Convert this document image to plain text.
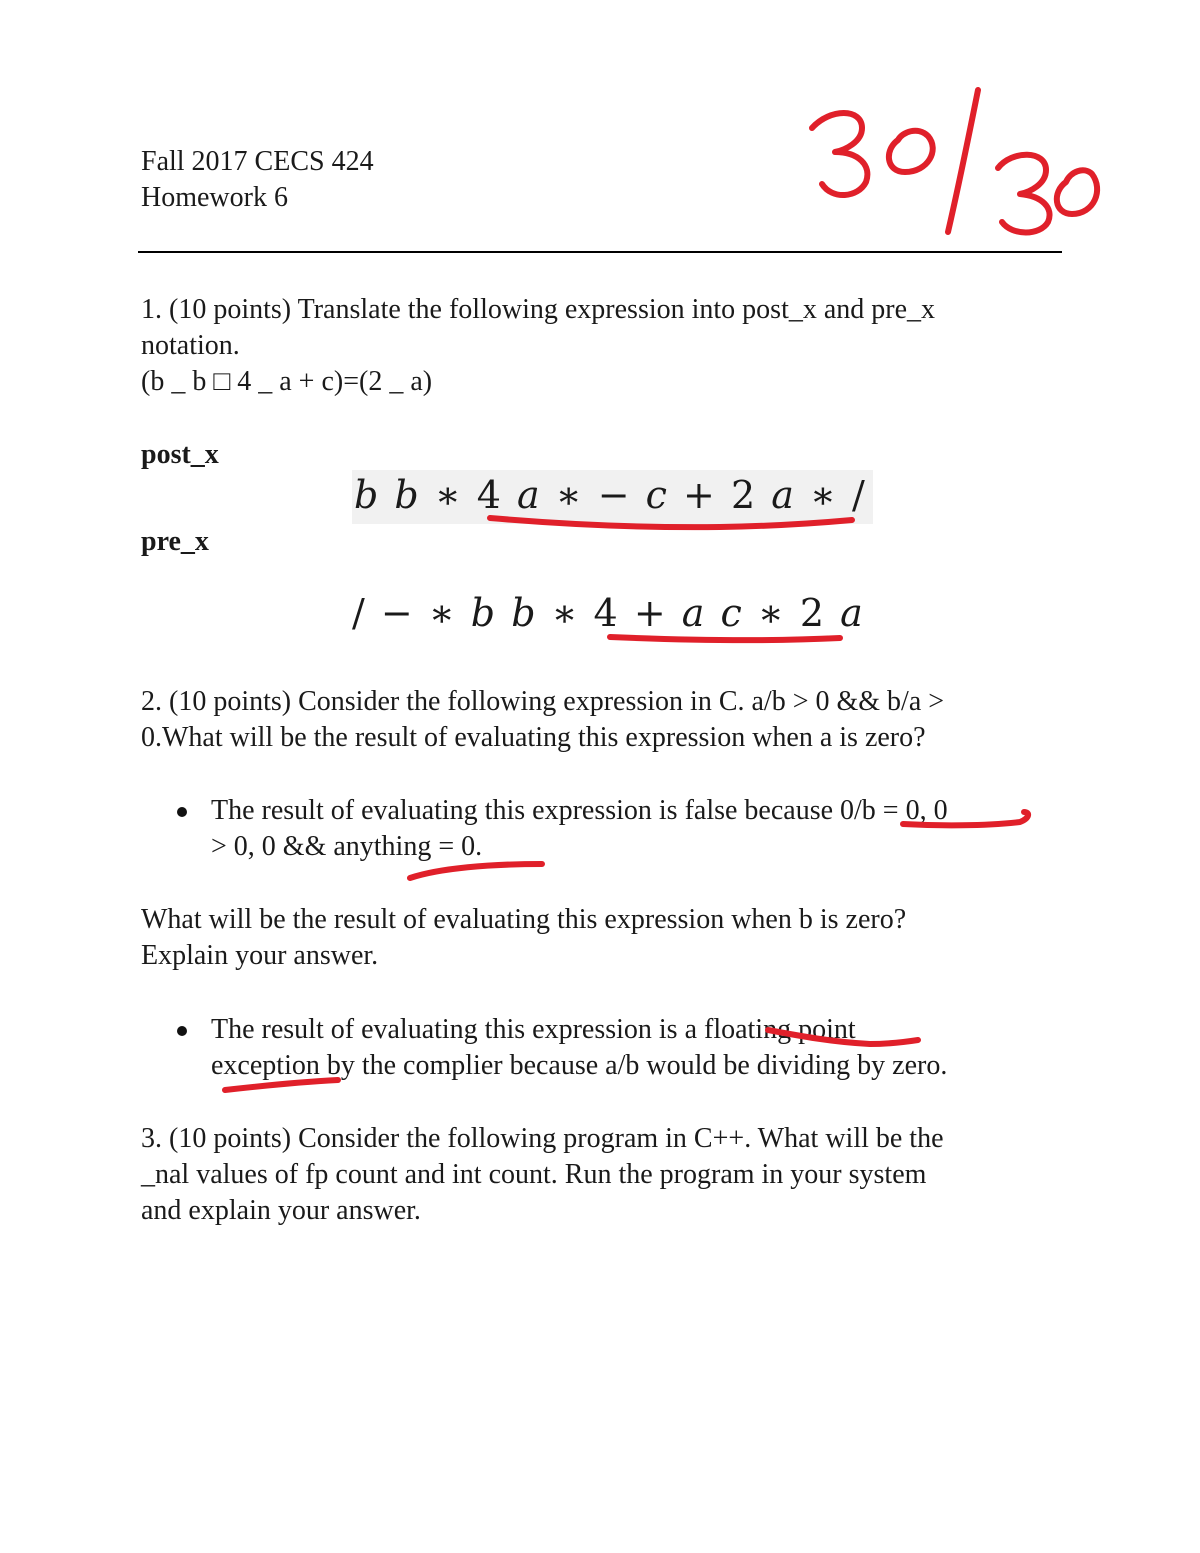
Fall 2017 CECS 424
Homework 6
1. (10 points) Translate the following expression into post_x and pre_x
notation.
(b _ b □ 4 _ a + c)=(2 _ a)
post_x
b b ∗ 4 a ∗ − c + 2 a ∗ /
pre_x
/ − ∗ b b ∗ 4 + a c ∗ 2 a
2. (10 points) Consider the following expression in C. a/b > 0 && b/a >
0.What will be the result of evaluating this expression when a is zero?
The result of evaluating this expression is false because 0/b = 0, 0
> 0, 0 && anything = 0.
What will be the result of evaluating this expression when b is zero?
Explain your answer.
The result of evaluating this expression is a floating point
exception by the complier because a/b would be dividing by zero.
3. (10 points) Consider the following program in C++. What will be the
_nal values of fp count and int count. Run the program in your system
and explain your answer.
